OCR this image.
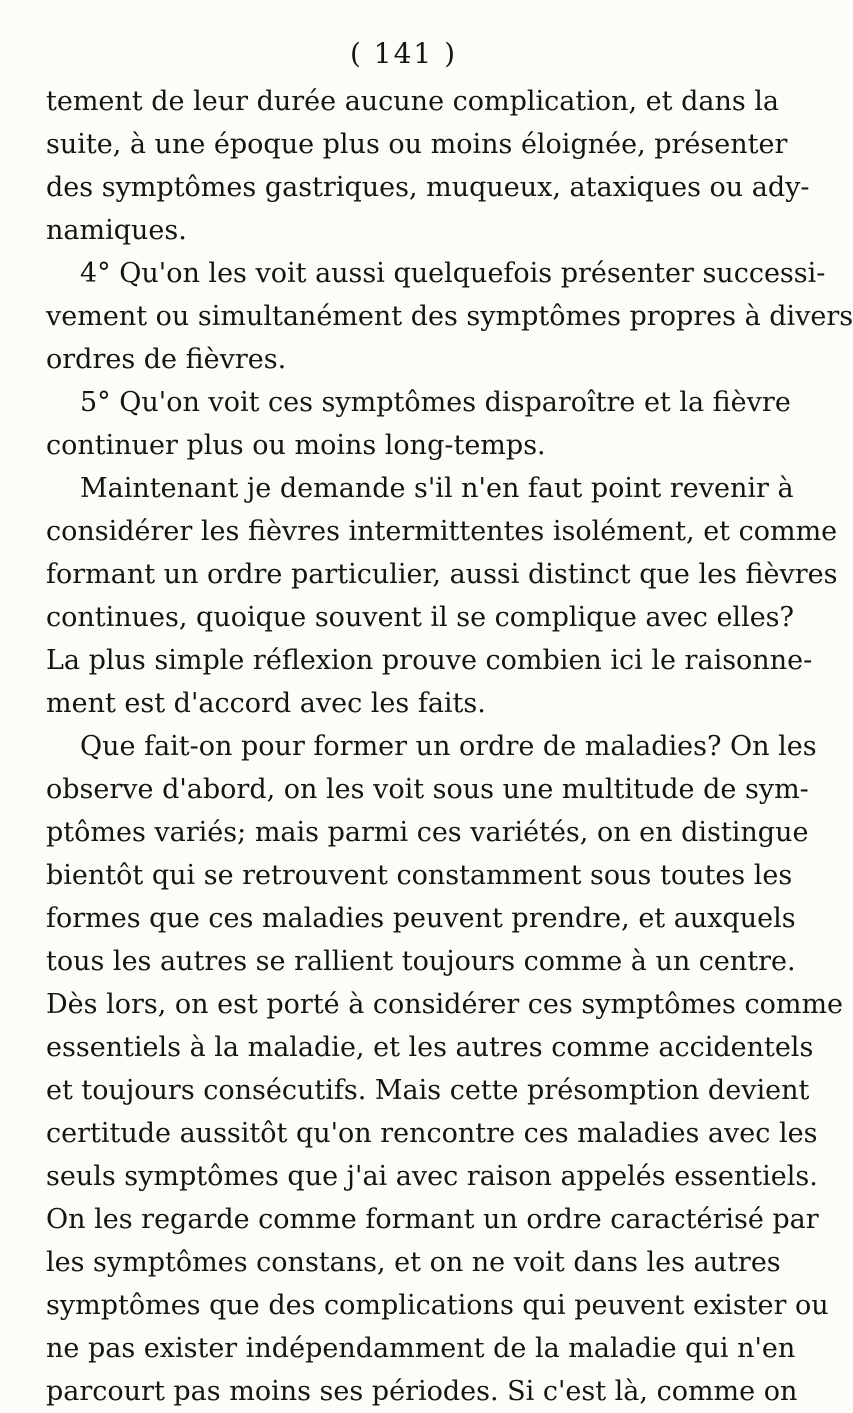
( 141 )
tement de leur durée aucune complication, et dans la
suite, à une époque plus ou moins éloignée, présenter
des symptômes gastriques, muqueux, ataxiques ou ady-
namiques.
4° Qu'on les voit aussi quelquefois présenter successi-
vement ou simultanément des symptômes propres à divers
ordres de fièvres.
5° Qu'on voit ces symptômes disparoître et la fièvre
continuer plus ou moins long-temps.
Maintenant je demande s'il n'en faut point revenir à
considérer les fièvres intermittentes isolément, et comme
formant un ordre particulier, aussi distinct que les fièvres
continues, quoique souvent il se complique avec elles?
La plus simple réflexion prouve combien ici le raisonne-
ment est d'accord avec les faits.
Que fait-on pour former un ordre de maladies? On les
observe d'abord, on les voit sous une multitude de sym-
ptômes variés; mais parmi ces variétés, on en distingue
bientôt qui se retrouvent constamment sous toutes les
formes que ces maladies peuvent prendre, et auxquels
tous les autres se rallient toujours comme à un centre.
Dès lors, on est porté à considérer ces symptômes comme
essentiels à la maladie, et les autres comme accidentels
et toujours consécutifs. Mais cette présomption devient
certitude aussitôt qu'on rencontre ces maladies avec les
seuls symptômes que j'ai avec raison appelés essentiels.
On les regarde comme formant un ordre caractérisé par
les symptômes constans, et on ne voit dans les autres
symptômes que des complications qui peuvent exister ou
ne pas exister indépendamment de la maladie qui n'en
parcourt pas moins ses périodes. Si c'est là, comme on
